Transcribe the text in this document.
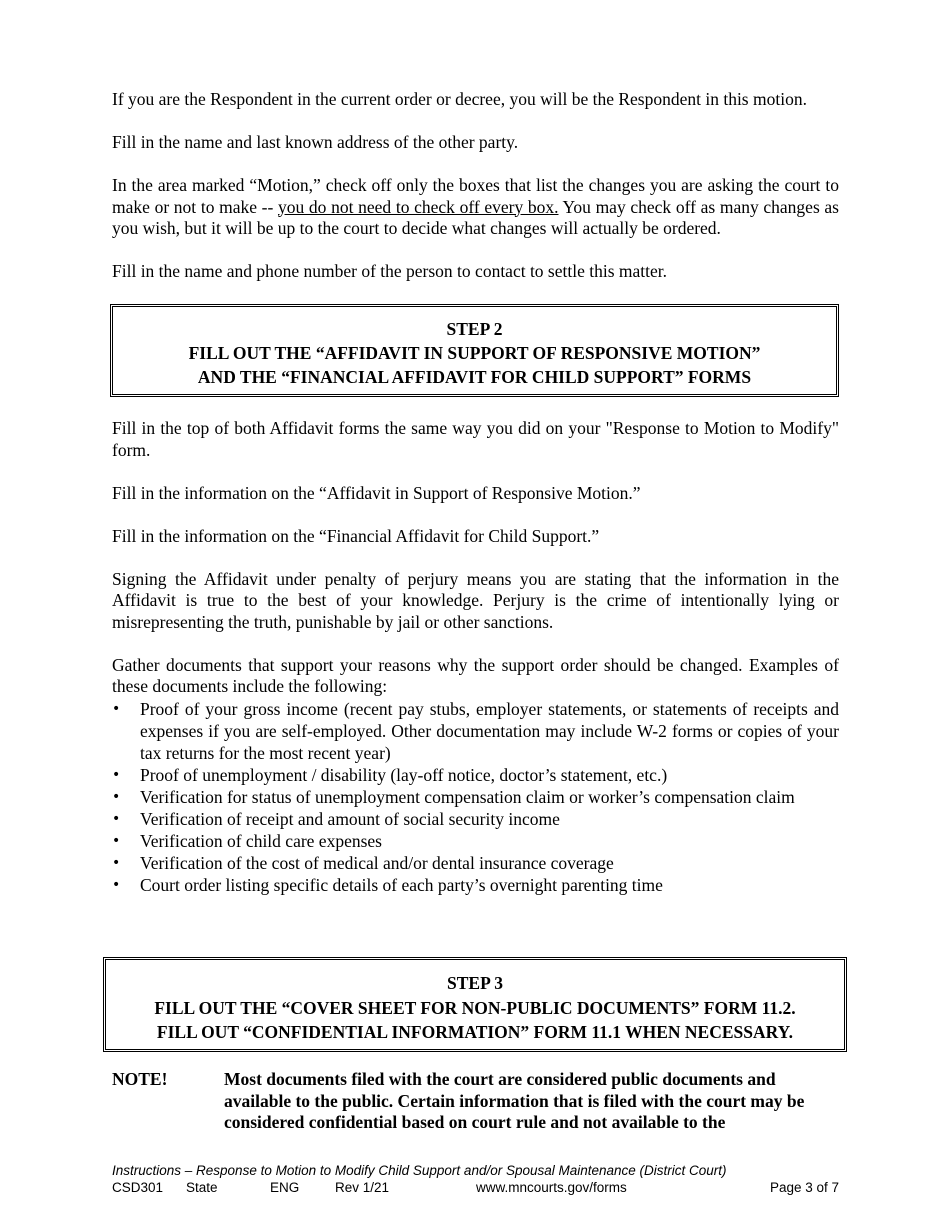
If you are the Respondent in the current order or decree, you will be the Respondent in this motion.

Fill in the name and last known address of the other party.

In the area marked “Motion,” check off only the boxes that list the changes you are asking the court to make or not to make -- you do not need to check off every box. You may check off as many changes as you wish, but it will be up to the court to decide what changes will actually be ordered.

Fill in the name and phone number of the person to contact to settle this matter.

STEP 2
FILL OUT THE “AFFIDAVIT IN SUPPORT OF RESPONSIVE MOTION”
AND THE “FINANCIAL AFFIDAVIT FOR CHILD SUPPORT” FORMS

Fill in the top of both Affidavit forms the same way you did on your "Response to Motion to Modify" form.

Fill in the information on the “Affidavit in Support of Responsive Motion.”

Fill in the information on the “Financial Affidavit for Child Support.”

Signing the Affidavit under penalty of perjury means you are stating that the information in the Affidavit is true to the best of your knowledge. Perjury is the crime of intentionally lying or misrepresenting the truth, punishable by jail or other sanctions.

Gather documents that support your reasons why the support order should be changed. Examples of these documents include the following:

•	Proof of your gross income (recent pay stubs, employer statements, or statements of receipts and expenses if you are self-employed. Other documentation may include W-2 forms or copies of your tax returns for the most recent year)
•	Proof of unemployment / disability (lay-off notice, doctor’s statement, etc.)
•	Verification for status of unemployment compensation claim or worker’s compensation claim
•	Verification of receipt and amount of social security income
•	Verification of child care expenses
•	Verification of the cost of medical and/or dental insurance coverage
•	Court order listing specific details of each party’s overnight parenting time
STEP 3
FILL OUT THE “COVER SHEET FOR NON-PUBLIC DOCUMENTS” FORM 11.2.
FILL OUT “CONFIDENTIAL INFORMATION” FORM 11.1 WHEN NECESSARY.
NOTE!	Most documents filed with the court are considered public documents and available to the public. Certain information that is filed with the court may be considered confidential based on court rule and not available to the
Instructions – Response to Motion to Modify Child Support and/or Spousal Maintenance (District Court)
CSD301 State	ENG	Rev 1/21	www.mncourts.gov/forms	Page 3 of 7
